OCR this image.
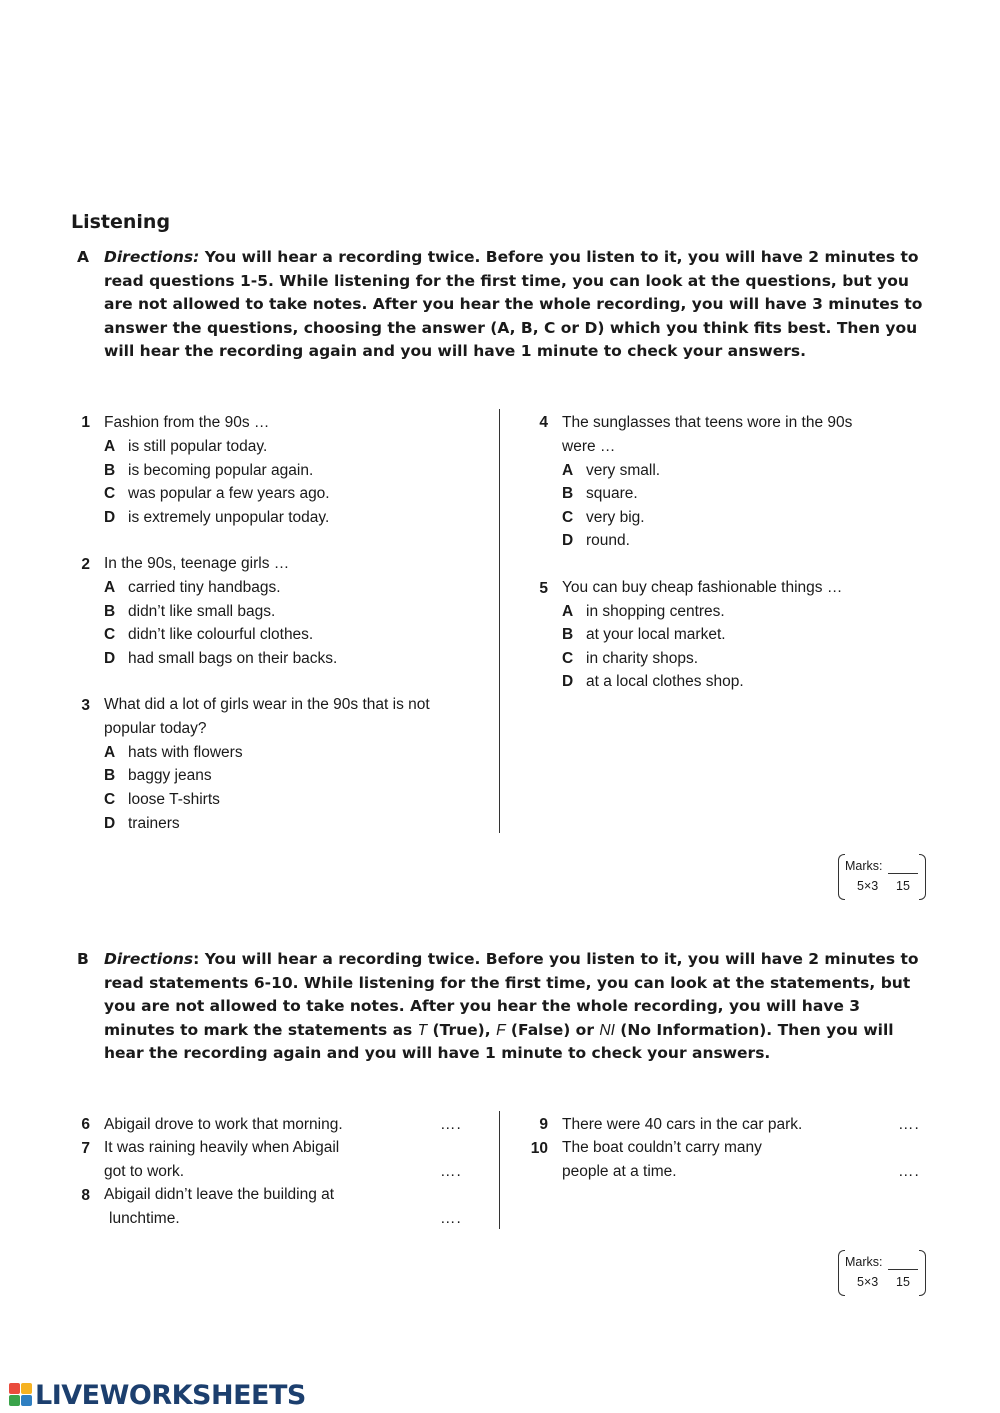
Listening
A Directions: You will hear a recording twice. Before you listen to it, you will have 2 minutes to read questions 1-5. While listening for the first time, you can look at the questions, but you are not allowed to take notes. After you hear the whole recording, you will have 3 minutes to answer the questions, choosing the answer (A, B, C or D) which you think fits best. Then you will hear the recording again and you will have 1 minute to check your answers.
1 Fashion from the 90s …
A is still popular today.
B is becoming popular again.
C was popular a few years ago.
D is extremely unpopular today.
2 In the 90s, teenage girls …
A carried tiny handbags.
B didn’t like small bags.
C didn’t like colourful clothes.
D had small bags on their backs.
3 What did a lot of girls wear in the 90s that is not
popular today?
A hats with flowers
B baggy jeans
C loose T-shirts
D trainers
4 The sunglasses that teens wore in the 90s
were …
A very small.
B square.
C very big.
D round.
5 You can buy cheap fashionable things …
A in shopping centres.
B at your local market.
C in charity shops.
D at a local clothes shop.
Marks:
5×3 15
B Directions: You will hear a recording twice. Before you listen to it, you will have 2 minutes to read statements 6-10. While listening for the first time, you can look at the statements, but you are not allowed to take notes. After you hear the whole recording, you will have 3 minutes to mark the statements as T (True), F (False) or NI (No Information). Then you will hear the recording again and you will have 1 minute to check your answers.
6 Abigail drove to work that morning.	….
7 It was raining heavily when Abigail
got to work.	….
8 Abigail didn’t leave the building at
lunchtime.	….
9 There were 40 cars in the car park.	….
10 The boat couldn’t carry many
people at a time.	….
Marks:
5×3 15
LIVEWORKSHEETS
